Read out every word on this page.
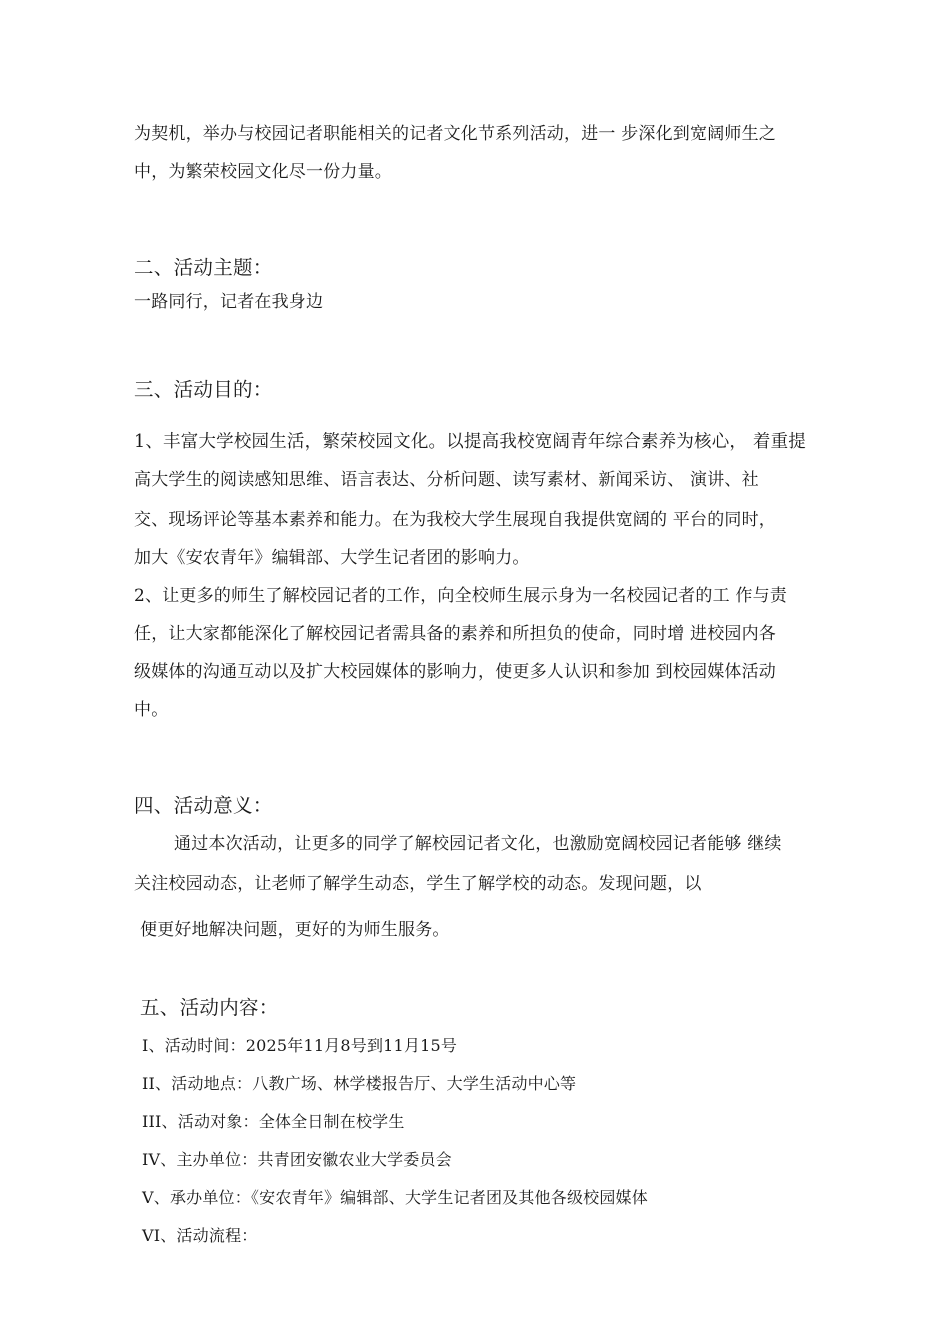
为契机，举办与校园记者职能相关的记者文化节系列活动，进一 步深化到宽阔师生之
中，为繁荣校园文化尽一份力量。
二、活动主题：
一路同行，记者在我身边
三、活动目的：
1、丰富大学校园生活，繁荣校园文化。以提高我校宽阔青年综合素养为核心， 着重提
高大学生的阅读感知思维、语言表达、分析问题、读写素材、新闻采访、 演讲、社
交、现场评论等基本素养和能力。在为我校大学生展现自我提供宽阔的 平台的同时，
加大《安农青年》编辑部、大学生记者团的影响力。
2、让更多的师生了解校园记者的工作，向全校师生展示身为一名校园记者的工 作与责
任，让大家都能深化了解校园记者需具备的素养和所担负的使命，同时增 进校园内各
级媒体的沟通互动以及扩大校园媒体的影响力，使更多人认识和参加 到校园媒体活动
中。
四、活动意义：
通过本次活动，让更多的同学了解校园记者文化，也激励宽阔校园记者能够 继续
关注校园动态，让老师了解学生动态，学生了解学校的动态。发现问题，以
便更好地解决问题，更好的为师生服务。
五、活动内容：
I、活动时间：2025年11月8号到11月15号
II、活动地点：八教广场、林学楼报告厅、大学生活动中心等
III、活动对象：全体全日制在校学生
IV、主办单位：共青团安徽农业大学委员会
V、承办单位：《安农青年》编辑部、大学生记者团及其他各级校园媒体
VI、活动流程：
